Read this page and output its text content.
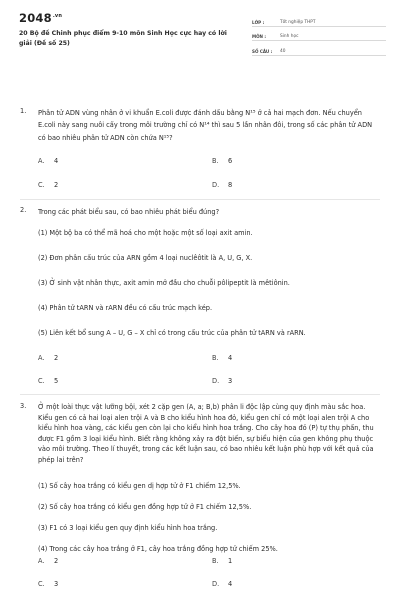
$2048^{.vn}$
20 Bộ đề Chinh phục điểm 9-10 môn Sinh Học cực hay có lời giải (Đề số 25)
LỚP :	Tốt nghiệp THPT
MÔN :	Sinh học
SỐ CÂU :	40
1. Phân tử ADN vùng nhân ở vi khuẩn E.coli được đánh dấu bằng N¹⁵ ở cả hai mạch đơn. Nếu chuyển E.coli này sang nuôi cấy trong môi trường chỉ có N¹⁴ thì sau 5 lần nhân đôi, trong số các phân tử ADN có bao nhiêu phân tử ADN còn chứa N¹⁵?
A. 4	B. 6
C. 2	D. 8
2. Trong các phát biểu sau, có bao nhiêu phát biểu đúng?
(1) Một bộ ba có thể mã hoá cho một hoặc một số loại axit amin.
(2) Đơn phân cấu trúc của ARN gồm 4 loại nuclêôtit là A, U, G, X.
(3) Ở sinh vật nhân thực, axit amin mở đầu cho chuỗi pôlipeptit là mêtiônin.
(4) Phân tử tARN và rARN đều có cấu trúc mạch kép.
(5) Liên kết bổ sung A – U, G – X chỉ có trong cấu trúc của phân tử tARN và rARN.
A. 2	B. 4
C. 5	D. 3
3. Ở một loài thực vật lưỡng bội, xét 2 cặp gen (A, a; B,b) phân li độc lập cùng quy định màu sắc hoa. Kiểu gen có cả hai loại alen trội A và B cho kiểu hình hoa đỏ, kiểu gen chỉ có một loại alen trội A cho kiểu hình hoa vàng, các kiểu gen còn lại cho kiểu hình hoa trắng. Cho cây hoa đỏ (P) tự thụ phấn, thu được F1 gồm 3 loại kiểu hình. Biết rằng không xảy ra đột biến, sự biểu hiện của gen không phụ thuộc vào môi trường. Theo lí thuyết, trong các kết luận sau, có bao nhiêu kết luận phù hợp với kết quả của phép lai trên?
(1) Số cây hoa trắng có kiểu gen dị hợp tử ở F1 chiếm 12,5%.
(2) Số cây hoa trắng có kiểu gen đồng hợp tử ở F1 chiếm 12,5%.
(3) F1 có 3 loại kiểu gen quy định kiểu hình hoa trắng.
(4) Trong các cây hoa trắng ở F1, cây hoa trắng đồng hợp tử chiếm 25%.
A. 2	B. 1
C. 3	D. 4
